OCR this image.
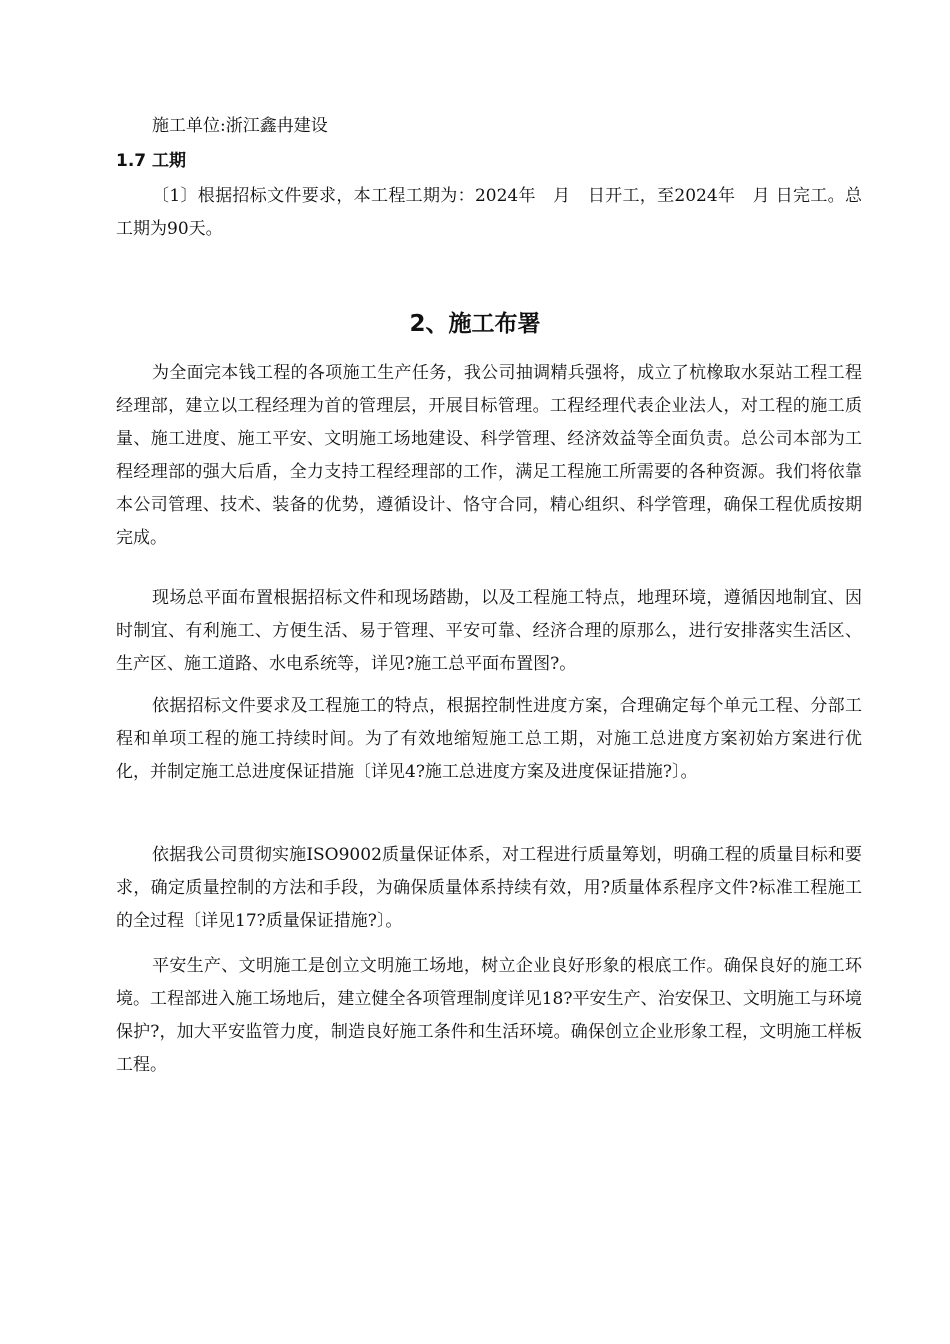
施工单位:浙江鑫冉建设
1.7 工期
〔1〕根据招标文件要求，本工程工期为：2024年　月　日开工，至2024年　月 日完工。总工期为90天。
2、施工布署
为全面完本钱工程的各项施工生产任务，我公司抽调精兵强将，成立了杭橡取水泵站工程工程经理部，建立以工程经理为首的管理层，开展目标管理。工程经理代表企业法人，对工程的施工质量、施工进度、施工平安、文明施工场地建设、科学管理、经济效益等全面负责。总公司本部为工程经理部的强大后盾，全力支持工程经理部的工作，满足工程施工所需要的各种资源。我们将依靠本公司管理、技术、装备的优势，遵循设计、恪守合同，精心组织、科学管理，确保工程优质按期完成。
现场总平面布置根据招标文件和现场踏勘，以及工程施工特点，地理环境，遵循因地制宜、因时制宜、有利施工、方便生活、易于管理、平安可靠、经济合理的原那么，进行安排落实生活区、生产区、施工道路、水电系统等，详见?施工总平面布置图?。
依据招标文件要求及工程施工的特点，根据控制性进度方案，合理确定每个单元工程、分部工程和单项工程的施工持续时间。为了有效地缩短施工总工期，对施工总进度方案初始方案进行优化，并制定施工总进度保证措施〔详见4?施工总进度方案及进度保证措施?〕。
依据我公司贯彻实施ISO9002质量保证体系，对工程进行质量筹划，明确工程的质量目标和要求，确定质量控制的方法和手段，为确保质量体系持续有效，用?质量体系程序文件?标准工程施工的全过程〔详见17?质量保证措施?〕。
平安生产、文明施工是创立文明施工场地，树立企业良好形象的根底工作。确保良好的施工环境。工程部进入施工场地后，建立健全各项管理制度详见18?平安生产、治安保卫、文明施工与环境保护?，加大平安监管力度，制造良好施工条件和生活环境。确保创立企业形象工程，文明施工样板工程。
